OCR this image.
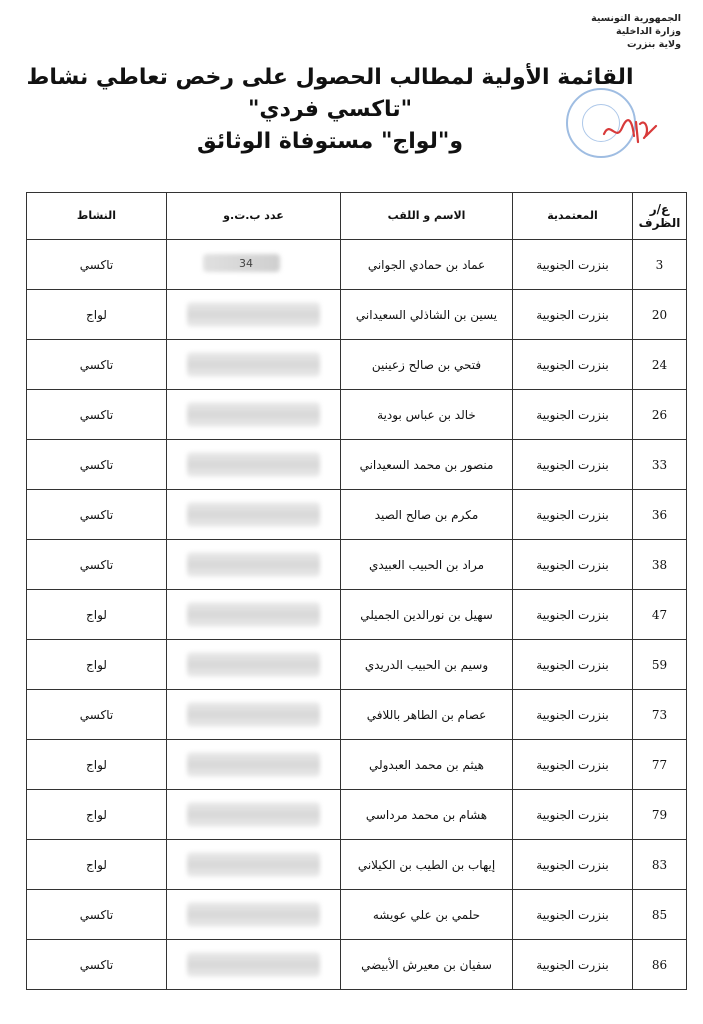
الجمهورية التونسية
وزارة الداخلية
ولاية بنزرت
القائمة الأولية لمطالب الحصول على رخص تعاطي نشاط "تاكسي فردي"
و"لواج" مستوفاة الوثائق
ع/ر الظرف	المعتمدية	الاسم و اللقب	عدد ب.ت.و	النشاط
3	بنزرت الجنوبية	عماد بن حمادي الجواني	34	تاكسي
20	بنزرت الجنوبية	يسين بن الشاذلي السعيداني		لواج
24	بنزرت الجنوبية	فتحي بن صالح زعينين		تاكسي
26	بنزرت الجنوبية	خالد بن عباس بودية		تاكسي
33	بنزرت الجنوبية	منصور بن محمد السعيداني		تاكسي
36	بنزرت الجنوبية	مكرم بن صالح الصيد		تاكسي
38	بنزرت الجنوبية	مراد بن الحبيب العبيدي		تاكسي
47	بنزرت الجنوبية	سهيل بن نورالدين الجميلي		لواج
59	بنزرت الجنوبية	وسيم بن الحبيب الدريدي		لواج
73	بنزرت الجنوبية	عصام بن الطاهر باللافي		تاكسي
77	بنزرت الجنوبية	هيثم بن محمد العبدولي		لواج
79	بنزرت الجنوبية	هشام بن محمد مرداسي		لواج
83	بنزرت الجنوبية	إيهاب بن الطيب بن الكيلاني		لواج
85	بنزرت الجنوبية	حلمي بن علي عويشه		تاكسي
86	بنزرت الجنوبية	سفيان بن معيرش الأبيضي		تاكسي
